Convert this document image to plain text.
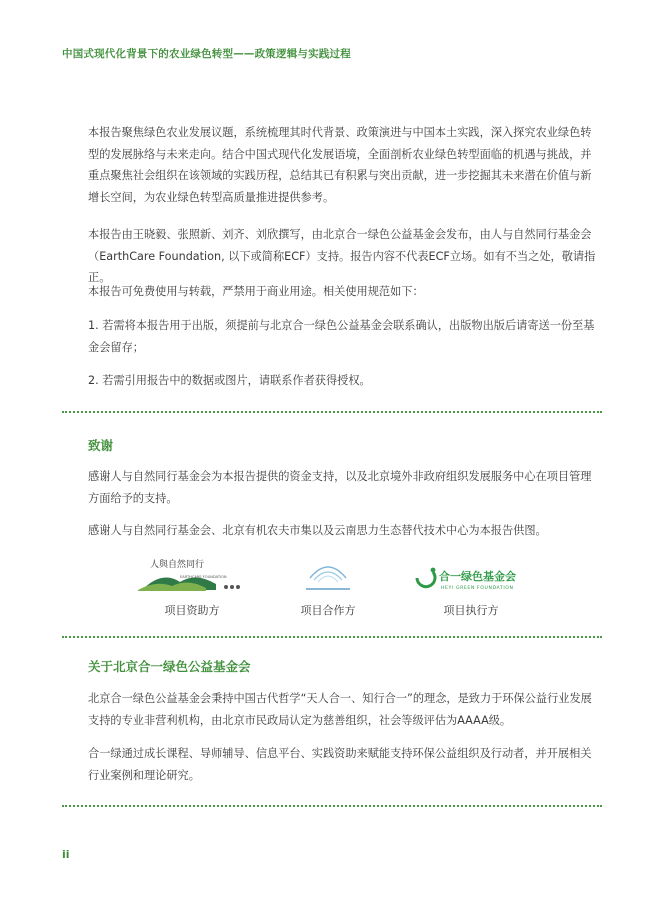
中国式现代化背景下的农业绿色转型——政策逻辑与实践过程

本报告聚焦绿色农业发展议题，系统梳理其时代背景、政策演进与中国本土实践，深入探究农业绿色转型的发展脉络与未来走向。结合中国式现代化发展语境，全面剖析农业绿色转型面临的机遇与挑战，并重点聚焦社会组织在该领域的实践历程，总结其已有积累与突出贡献，进一步挖掘其未来潜在价值与新增长空间，为农业绿色转型高质量推进提供参考。

本报告由王晓毅、张照新、刘齐、刘欣撰写，由北京合一绿色公益基金会发布，由人与自然同行基金会（EarthCare Foundation, 以下或简称ECF）支持。报告内容不代表ECF立场。如有不当之处，敬请指正。

本报告可免费使用与转载，严禁用于商业用途。相关使用规范如下：

1. 若需将本报告用于出版，须提前与北京合一绿色公益基金会联系确认，出版物出版后请寄送一份至基金会留存；

2. 若需引用报告中的数据或图片，请联系作者获得授权。

致谢

感谢人与自然同行基金会为本报告提供的资金支持，以及北京境外非政府组织发展服务中心在项目管理方面给予的支持。

感谢人与自然同行基金会、北京有机农夫市集以及云南思力生态替代技术中心为本报告供图。

人與自然同行
EARTHCARE FOUNDATION
项目资助方	项目合作方
合一绿色基金会
HEYI GREEN FOUNDATION
项目执行方
关于北京合一绿色公益基金会

北京合一绿色公益基金会秉持中国古代哲学“天人合一、知行合一”的理念，是致力于环保公益行业发展支持的专业非营利机构，由北京市民政局认定为慈善组织，社会等级评估为AAAA级。

合一绿通过成长课程、导师辅导、信息平台、实践资助来赋能支持环保公益组织及行动者，并开展相关行业案例和理论研究。

ii
